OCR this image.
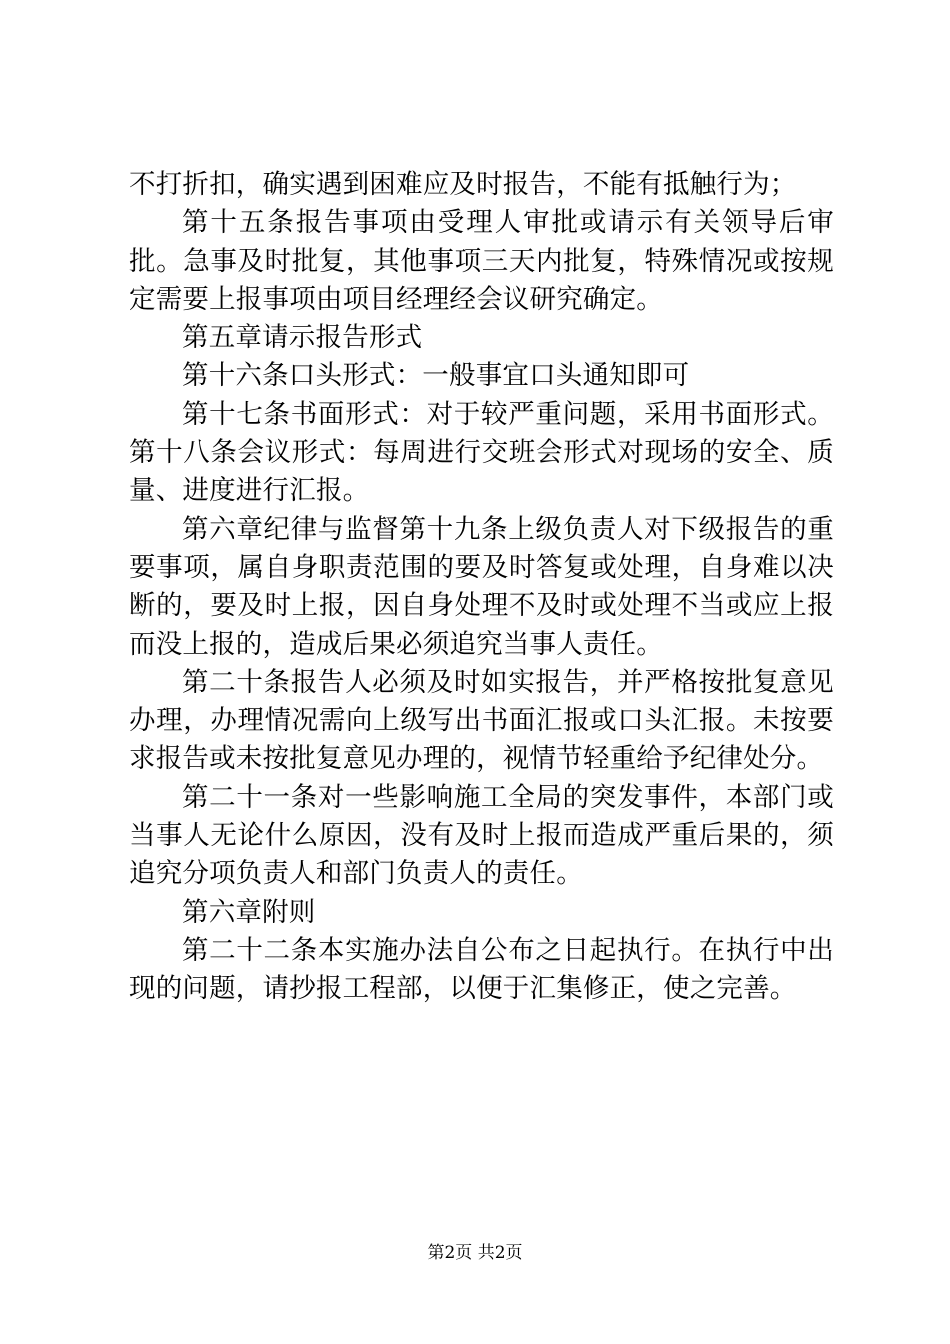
不打折扣，确实遇到困难应及时报告，不能有抵触行为；

第十五条报告事项由受理人审批或请示有关领导后审批。急事及时批复，其他事项三天内批复，特殊情况或按规定需要上报事项由项目经理经会议研究确定。

第五章请示报告形式

第十六条口头形式：一般事宜口头通知即可

第十七条书面形式：对于较严重问题，采用书面形式。第十八条会议形式：每周进行交班会形式对现场的安全、质量、进度进行汇报。

第六章纪律与监督第十九条上级负责人对下级报告的重要事项，属自身职责范围的要及时答复或处理，自身难以决断的，要及时上报，因自身处理不及时或处理不当或应上报而没上报的，造成后果必须追究当事人责任。

第二十条报告人必须及时如实报告，并严格按批复意见办理，办理情况需向上级写出书面汇报或口头汇报。未按要求报告或未按批复意见办理的，视情节轻重给予纪律处分。

第二十一条对一些影响施工全局的突发事件，本部门或当事人无论什么原因，没有及时上报而造成严重后果的，须追究分项负责人和部门负责人的责任。

第六章附则

第二十二条本实施办法自公布之日起执行。在执行中出现的问题，请抄报工程部，以便于汇集修正，使之完善。

第2页 共2页
